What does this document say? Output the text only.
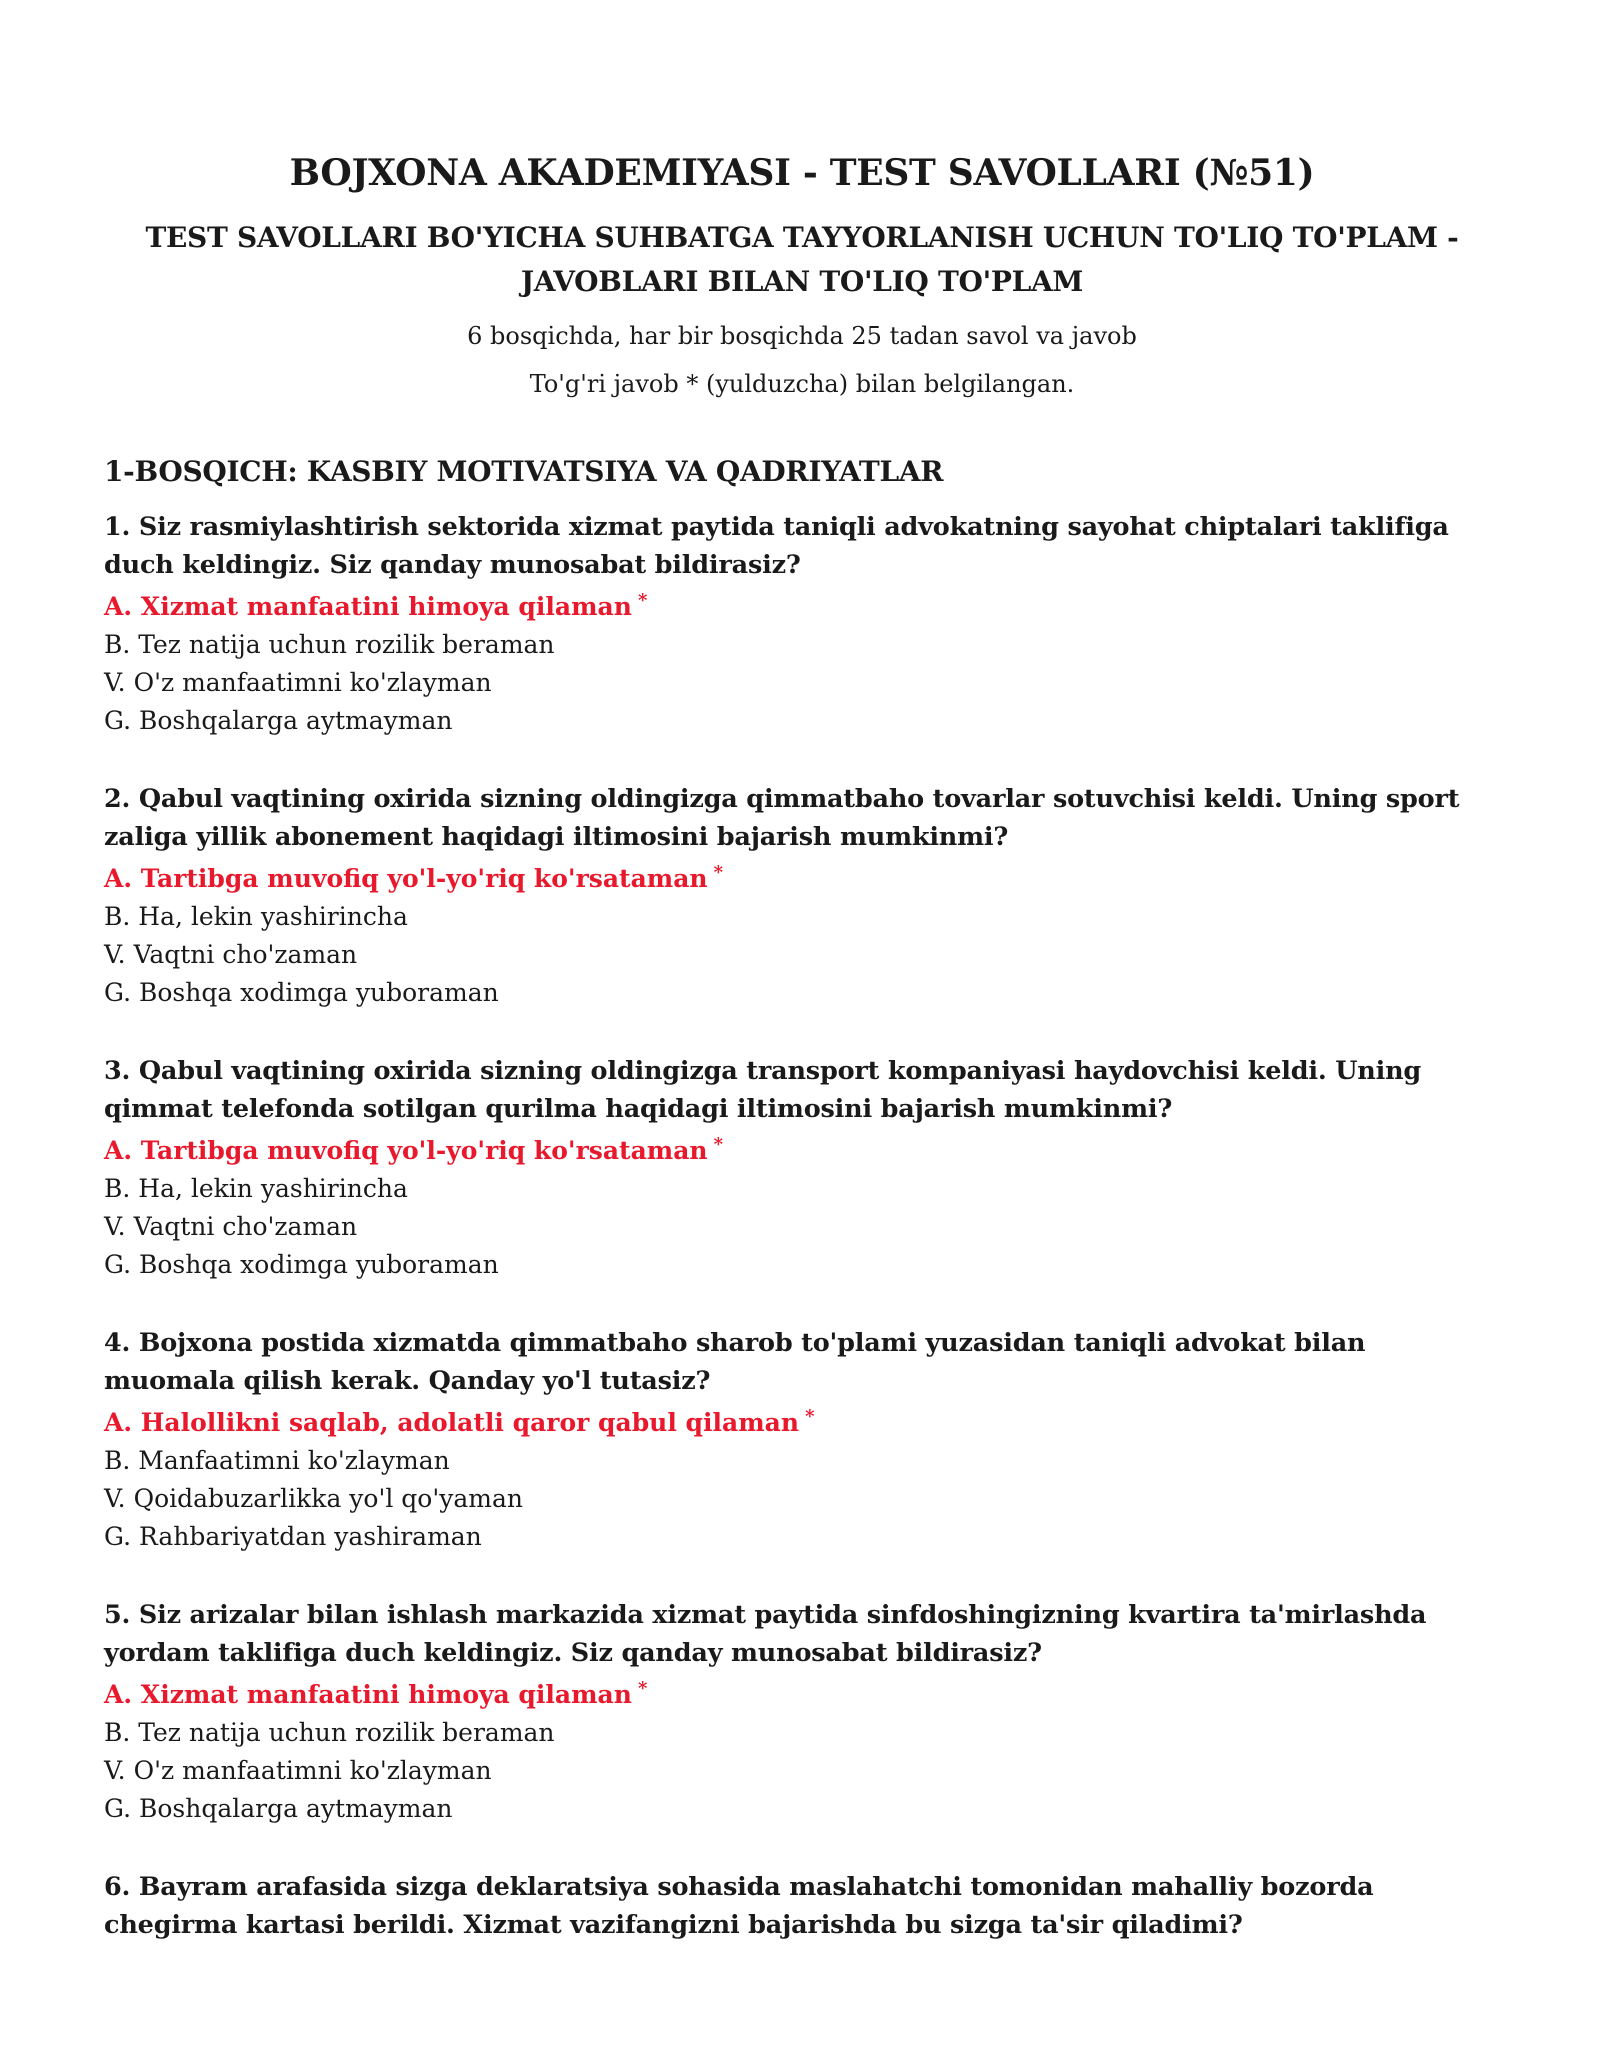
BOJXONA AKADEMIYASI - TEST SAVOLLARI (№51)
TEST SAVOLLARI BO'YICHA SUHBATGA TAYYORLANISH UCHUN TO'LIQ TO'PLAM - JAVOBLARI BILAN TO'LIQ TO'PLAM

6 bosqichda, har bir bosqichda 25 tadan savol va javob

To'g'ri javob * (yulduzcha) bilan belgilangan.

1-BOSQICH: KASBIY MOTIVATSIYA VA QADRIYATLAR

1. Siz rasmiylashtirish sektorida xizmat paytida taniqli advokatning sayohat chiptalari taklifiga duch keldingiz. Siz qanday munosabat bildirasiz?

A. Xizmat manfaatini himoya qilaman *

B. Tez natija uchun rozilik beraman

V. O'z manfaatimni ko'zlayman

G. Boshqalarga aytmayman

2. Qabul vaqtining oxirida sizning oldingizga qimmatbaho tovarlar sotuvchisi keldi. Uning sport zaliga yillik abonement haqidagi iltimosini bajarish mumkinmi?

A. Tartibga muvofiq yo'l-yo'riq ko'rsataman *

B. Ha, lekin yashirincha

V. Vaqtni cho'zaman

G. Boshqa xodimga yuboraman

3. Qabul vaqtining oxirida sizning oldingizga transport kompaniyasi haydovchisi keldi. Uning qimmat telefonda sotilgan qurilma haqidagi iltimosini bajarish mumkinmi?

A. Tartibga muvofiq yo'l-yo'riq ko'rsataman *

B. Ha, lekin yashirincha

V. Vaqtni cho'zaman

G. Boshqa xodimga yuboraman

4. Bojxona postida xizmatda qimmatbaho sharob to'plami yuzasidan taniqli advokat bilan muomala qilish kerak. Qanday yo'l tutasiz?

A. Halollikni saqlab, adolatli qaror qabul qilaman *

B. Manfaatimni ko'zlayman

V. Qoidabuzarlikka yo'l qo'yaman

G. Rahbariyatdan yashiraman

5. Siz arizalar bilan ishlash markazida xizmat paytida sinfdoshingizning kvartira ta'mirlashda yordam taklifiga duch keldingiz. Siz qanday munosabat bildirasiz?

A. Xizmat manfaatini himoya qilaman *

B. Tez natija uchun rozilik beraman

V. O'z manfaatimni ko'zlayman

G. Boshqalarga aytmayman

6. Bayram arafasida sizga deklaratsiya sohasida maslahatchi tomonidan mahalliy bozorda chegirma kartasi berildi. Xizmat vazifangizni bajarishda bu sizga ta'sir qiladimi?
